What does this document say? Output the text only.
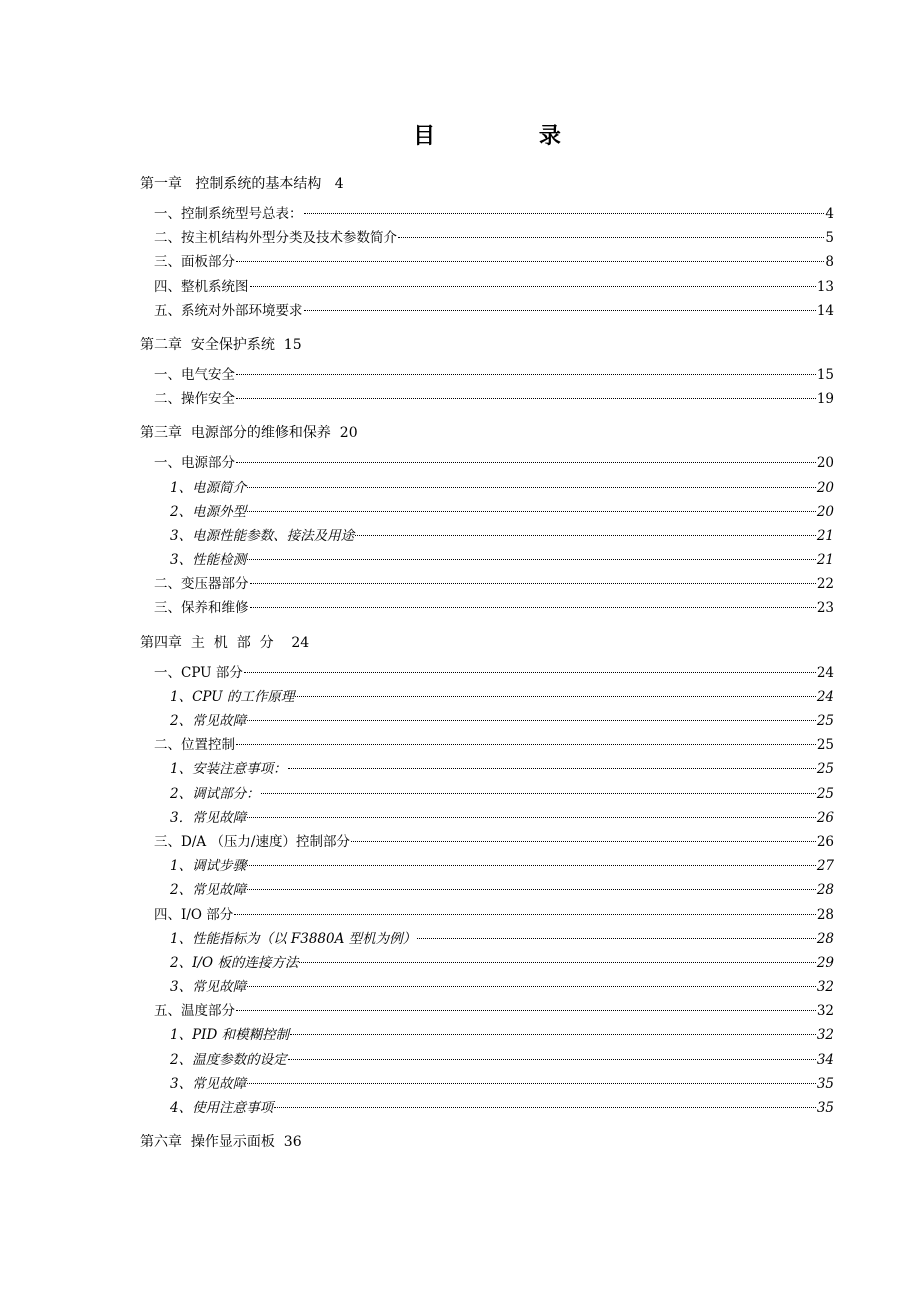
目 录
第一章   控制系统的基本结构   4
一、控制系统型号总表：	4
二、按主机结构外型分类及技术参数简介	5
三、面板部分	8
四、整机系统图	13
五、系统对外部环境要求	14
第二章  安全保护系统  15
一、电气安全	15
二、操作安全	19
第三章  电源部分的维修和保养  20
一、电源部分	20
1、电源简介	20
2、电源外型	20
3、电源性能参数、接法及用途	21
3、性能检测	21
二、变压器部分	22
三、保养和维修	23
第四章  主  机  部  分    24
一、CPU 部分	24
1、CPU 的工作原理	24
2、常见故障	25
二、位置控制	25
1、安装注意事项：	25
2、调试部分：	25
3．常见故障	26
三、D/A （压力/速度）控制部分	26
1、调试步骤	27
2、常见故障	28
四、I/O 部分	28
1、性能指标为（以 F3880A 型机为例）	28
2、I/O 板的连接方法	29
3、常见故障	32
五、温度部分	32
1、PID 和模糊控制	32
2、温度参数的设定	34
3、常见故障	35
4、使用注意事项	35
第六章  操作显示面板  36
